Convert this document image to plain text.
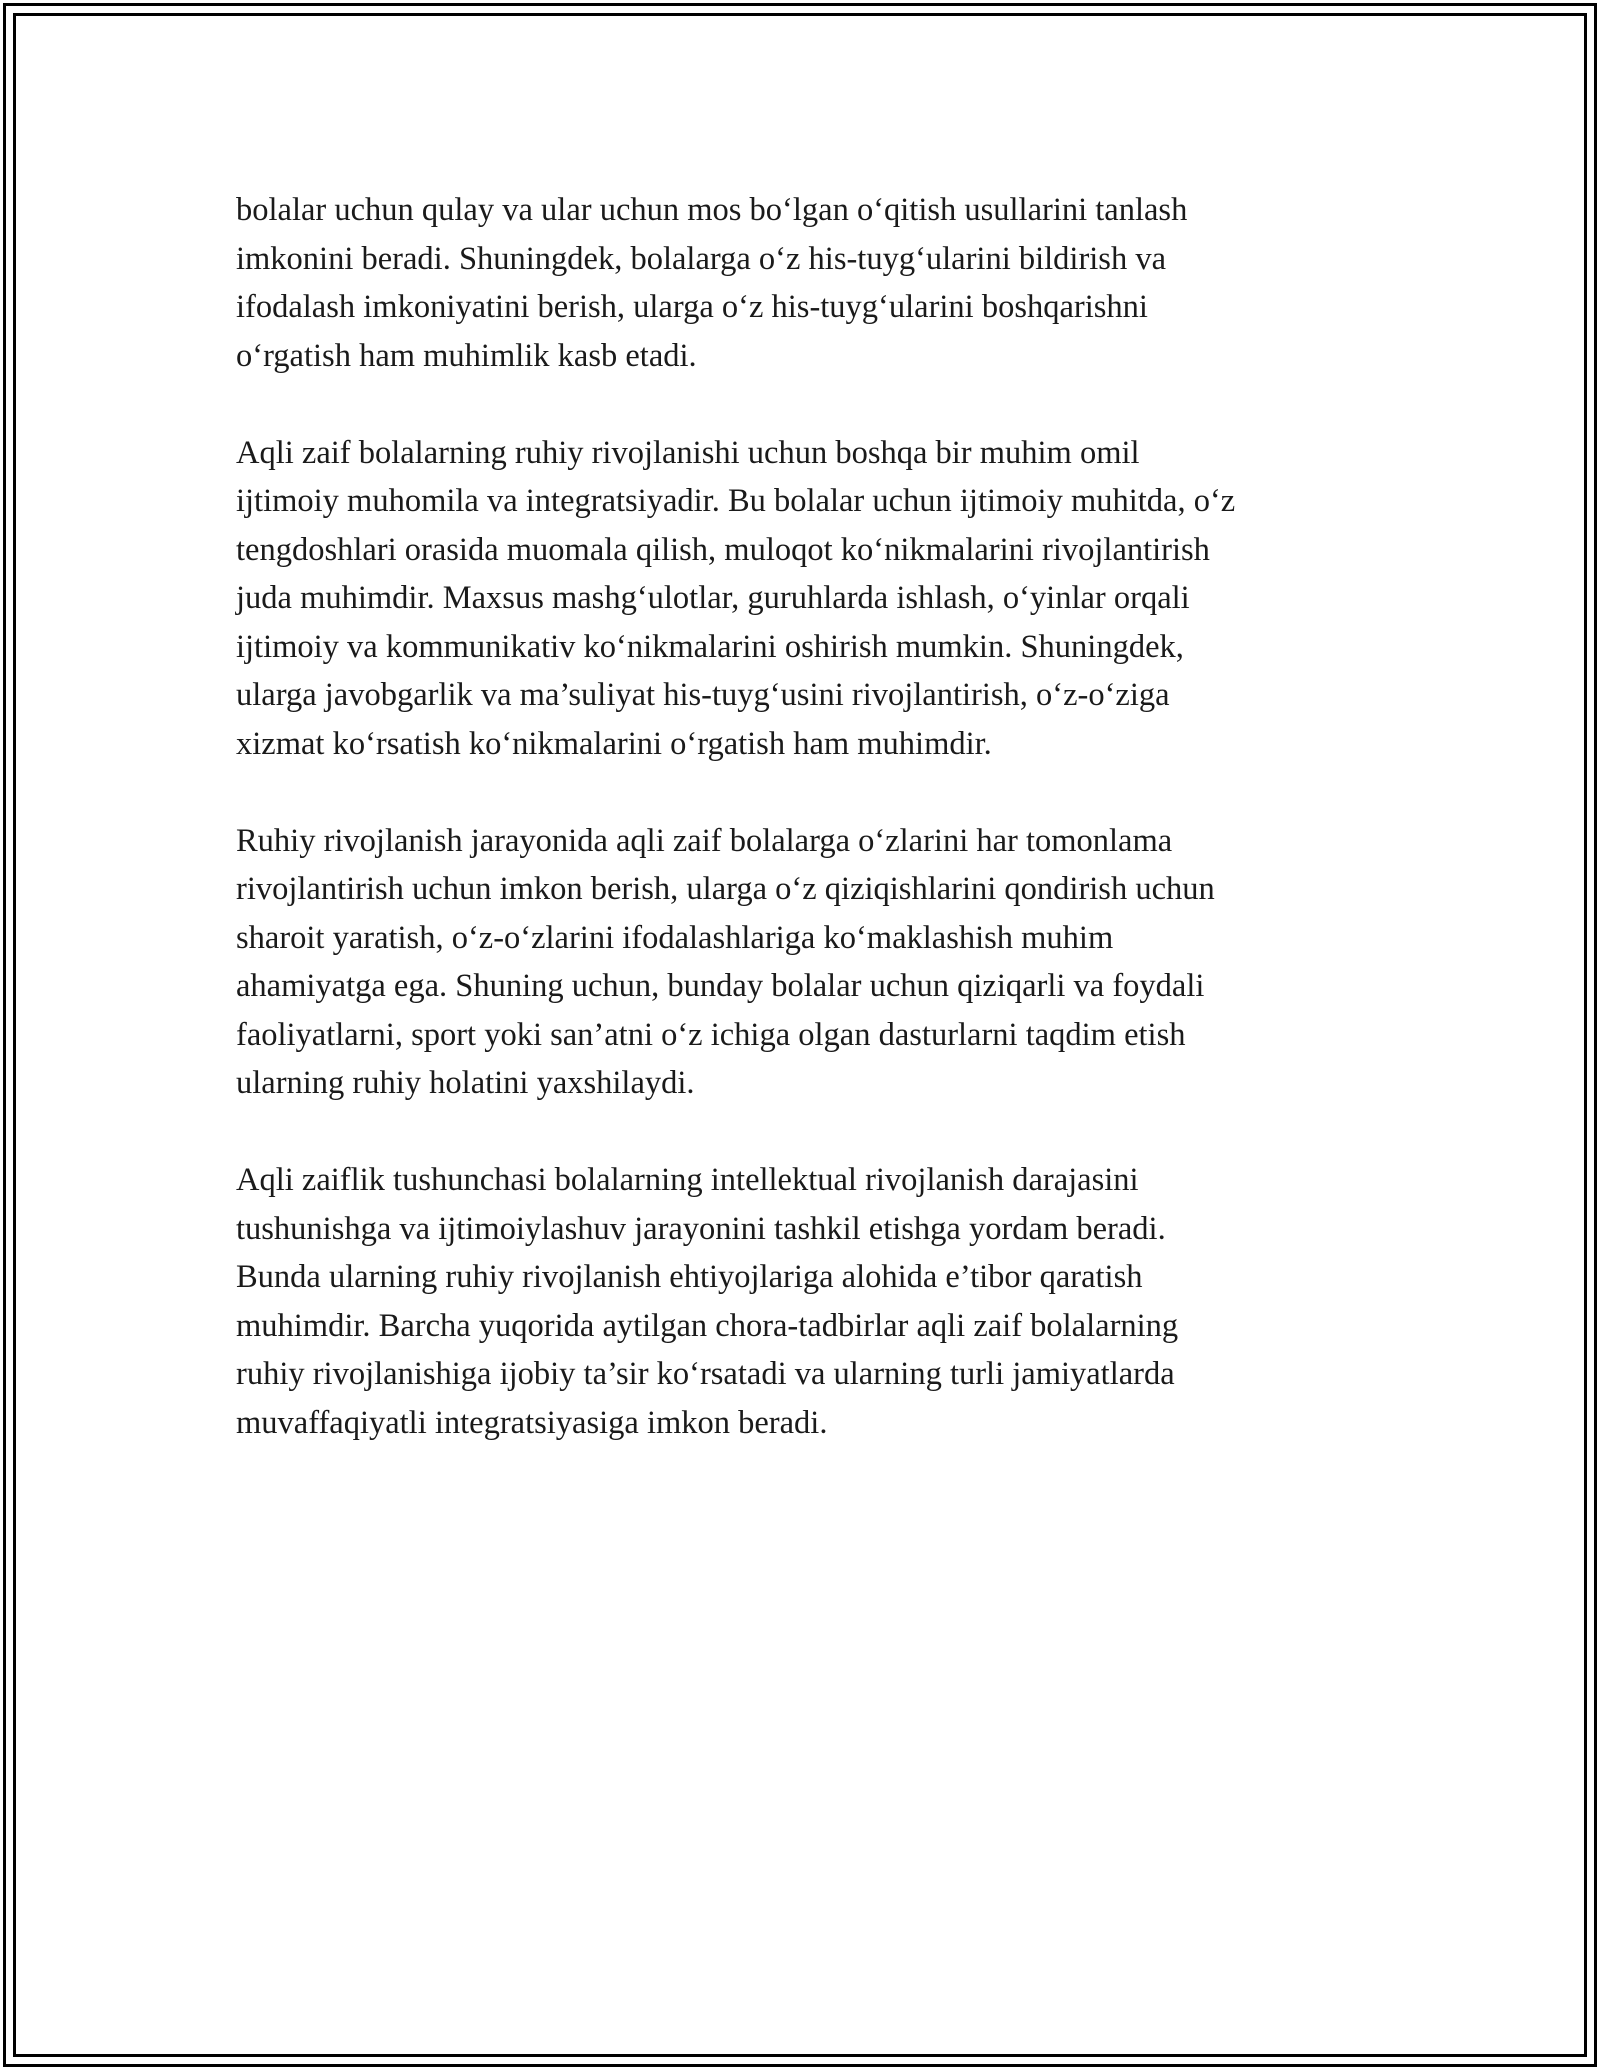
bolalar uchun qulay va ular uchun mos bo‘lgan o‘qitish usullarini tanlash
imkonini beradi. Shuningdek, bolalarga o‘z his-tuyg‘ularini bildirish va
ifodalash imkoniyatini berish, ularga o‘z his-tuyg‘ularini boshqarishni
o‘rgatish ham muhimlik kasb etadi.

Aqli zaif bolalarning ruhiy rivojlanishi uchun boshqa bir muhim omil
ijtimoiy muhomila va integratsiyadir. Bu bolalar uchun ijtimoiy muhitda, o‘z
tengdoshlari orasida muomala qilish, muloqot ko‘nikmalarini rivojlantirish
juda muhimdir. Maxsus mashg‘ulotlar, guruhlarda ishlash, o‘yinlar orqali
ijtimoiy va kommunikativ ko‘nikmalarini oshirish mumkin. Shuningdek,
ularga javobgarlik va ma’suliyat his-tuyg‘usini rivojlantirish, o‘z-o‘ziga
xizmat ko‘rsatish ko‘nikmalarini o‘rgatish ham muhimdir.

Ruhiy rivojlanish jarayonida aqli zaif bolalarga o‘zlarini har tomonlama
rivojlantirish uchun imkon berish, ularga o‘z qiziqishlarini qondirish uchun
sharoit yaratish, o‘z-o‘zlarini ifodalashlariga ko‘maklashish muhim
ahamiyatga ega. Shuning uchun, bunday bolalar uchun qiziqarli va foydali
faoliyatlarni, sport yoki san’atni o‘z ichiga olgan dasturlarni taqdim etish
ularning ruhiy holatini yaxshilaydi.

Aqli zaiflik tushunchasi bolalarning intellektual rivojlanish darajasini
tushunishga va ijtimoiylashuv jarayonini tashkil etishga yordam beradi.
Bunda ularning ruhiy rivojlanish ehtiyojlariga alohida e’tibor qaratish
muhimdir. Barcha yuqorida aytilgan chora-tadbirlar aqli zaif bolalarning
ruhiy rivojlanishiga ijobiy ta’sir ko‘rsatadi va ularning turli jamiyatlarda
muvaffaqiyatli integratsiyasiga imkon beradi.
